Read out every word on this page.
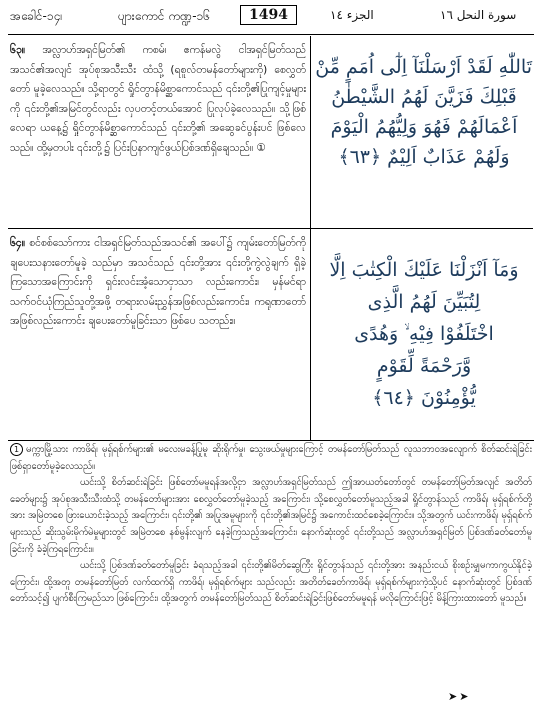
အခေါင်-၁၄၊	ပျားကောင် ကဏ္ဍ-၁၆	1494	الجزء ١٤	سورة النحل ١٦
၆၃။ အလ္လာဟ်အရှင်မြတ်၏ ကစမ်၊ ဧကန်မလွဲ ငါအရှင်မြတ်သည် အသင်၏အလျင် အုပ်စုအသီးသီး ထံသို့ (ရစူလ်တမန်တော်များကို) စေလွှတ်တော် မူခဲ့လေသည်။ သို့ရာတွင် ရှိုင်တွာန်မိစ္ဆာကောင်သည် ၎င်းတို့၏ပြုကျင့်မှုများကို ၎င်းတို့၏အမြင်တွင်လည်း လှပတင့်တယ်အောင် ပြုလုပ်ခဲ့လေသည်။ သို့ဖြစ်လေရာ ယနေ့၌ ရှိုင်တွာန်မိစ္ဆာကောင်သည် ၎င်းတို့၏ အဆွေခင်ပွန်းပင် ဖြစ်လေသည်။ ထို့မှတပါး ၎င်းတို့၌ ပြင်းပြနာကျင်ဖွယ်ပြစ်ဒဏ်ရှိချေသည်။ ①
تَاللّٰهِ لَقَدْ اَرْسَلْنَآ اِلٰٓى اُمَمٍ مِّنْ
قَبْلِكَ فَزَيَّنَ لَهُمُ الشَّيْطٰنُ
اَعْمَالَهُمْ فَهُوَ وَلِيُّهُمُ الْيَوْمَ
وَلَهُمْ عَذَابٌ اَلِيْمٌ ﴿٦٣﴾
၆၄။ စင်စစ်သော်ကား ငါအရှင်မြတ်သည်အသင်၏ အပေါ်၌ ကျမ်းတော်မြတ်ကို ချပေးသနားတော်မူခဲ့ သည်မှာ အသင်သည် ၎င်းတို့အား ၎င်းတို့ကွဲလွဲချက် ရှိခဲ့ကြသောအကြောင်းကို ရှင်းလင်းအံ့သောငှာသာ လည်းကောင်း၊ မှန်မင်ရာသက်ဝင်ယုံကြည်သူတို့အဖို့ တရားလမ်းညွှန်အဖြစ်လည်းကောင်း၊ ကရုဏာတော် အဖြစ်လည်းကောင်း ချပေးတော်မူခြင်းသာ ဖြစ်ပေ သတည်း။
وَمَآ اَنْزَلْنَا عَلَيْكَ الْكِتٰبَ اِلَّا
لِتُبَيِّنَ لَهُمُ الَّذِى
اخْتَلَفُوْا فِيْهِ ۙ وَهُدًى
وَّرَحْمَةً لِّقَوْمٍ
يُّؤْمِنُوْنَ ﴿٦٤﴾

1 မက္ကာမြို့သား ကာဖိရ်၊ မုရှ်ရစ်က်များ၏ မလေးမခန့်ပြုမူ ဆိုးရိုက်မှု၊ သွေးဖယ်မှုများကြောင့် တမန်တော်မြတ်သည် လူသဘာဝအလျောက် စိတ်ဆင်းရဲခြင်း ဖြစ်ရှာတော်မူခဲ့လေသည်။

ယင်းသို့ စိတ်ဆင်းရဲခြင်း ဖြစ်တော်မမူရန်အလို့ငှာ အလ္လာဟ်အရှင်မြတ်သည် ဤအာယတ်တော်တွင် တမန်တော်မြတ်အလျင် အတိတ်ခေတ်များ၌ အုပ်စုအသီးသီးထံသို့ တမန်တော်များအား စေလွှတ်တော်မူခဲ့သည့် အကြောင်း၊ သို့စေလွှတ်တော်မူသည့်အခါ ရှိုင်တွာန်သည် ကာဖိရ်၊ မုရှ်ရစ်က်တို့အား အမြဲတစေ ဖြားယောင်းခဲ့သည့် အကြောင်း၊ ၎င်းတို့၏ အပြုအမူများကို ၎င်းတို့၏အမြင်၌ အကောင်းထင်စေခဲ့ကြောင်း။ သို့အတွက် ယင်းကာဖိရ်၊ မုရှ်ရစ်က်များသည် ဆိုးသွမ်းမိုက်မဲမှုများတွင် အမြဲတစေ နစ်မွန်းလျက် နေခဲ့ကြသည့်အကြောင်း၊ နောက်ဆုံးတွင် ၎င်းတို့သည် အလ္လာဟ်အရှင်မြတ် ပြစ်ဒဏ်ခတ်တော်မူခြင်းကို ခံခဲ့ကြရကြောင်း။

ယင်းသို့ ပြစ်ဒဏ်ခတ်တော်မူခြင်း ခံရသည့်အခါ ၎င်းတို့၏မိတ်ဆွေကြီး ရှိုင်တွာန်သည် ၎င်းတို့အား အနည်းငယ် စိုးစဉ်းမျှမကာကွယ်နိုင်ခဲ့ကြောင်း၊ ထို့အတူ တမန်တော်မြတ် လက်ထက်ရှိ ကာဖိရ်၊ မုရှ်ရစ်က်များ သည်လည်း အတိတ်ခေတ်ကာဖိရ်၊ မုရှ်ရစ်က်များကဲ့သို့ပင် နောက်ဆုံးတွင် ပြစ်ဒဏ်တော်သင့်၍ ပျက်စီးကြမည်သာ ဖြစ်ကြောင်း၊ ထို့အတွက် တမန်တော်မြတ်သည် စိတ်ဆင်းရဲခြင်းဖြစ်တော်မမူရန် မလိုကြောင်းဖြင့် မိန့်ကြားထားတော် မူသည်။

➤➤
